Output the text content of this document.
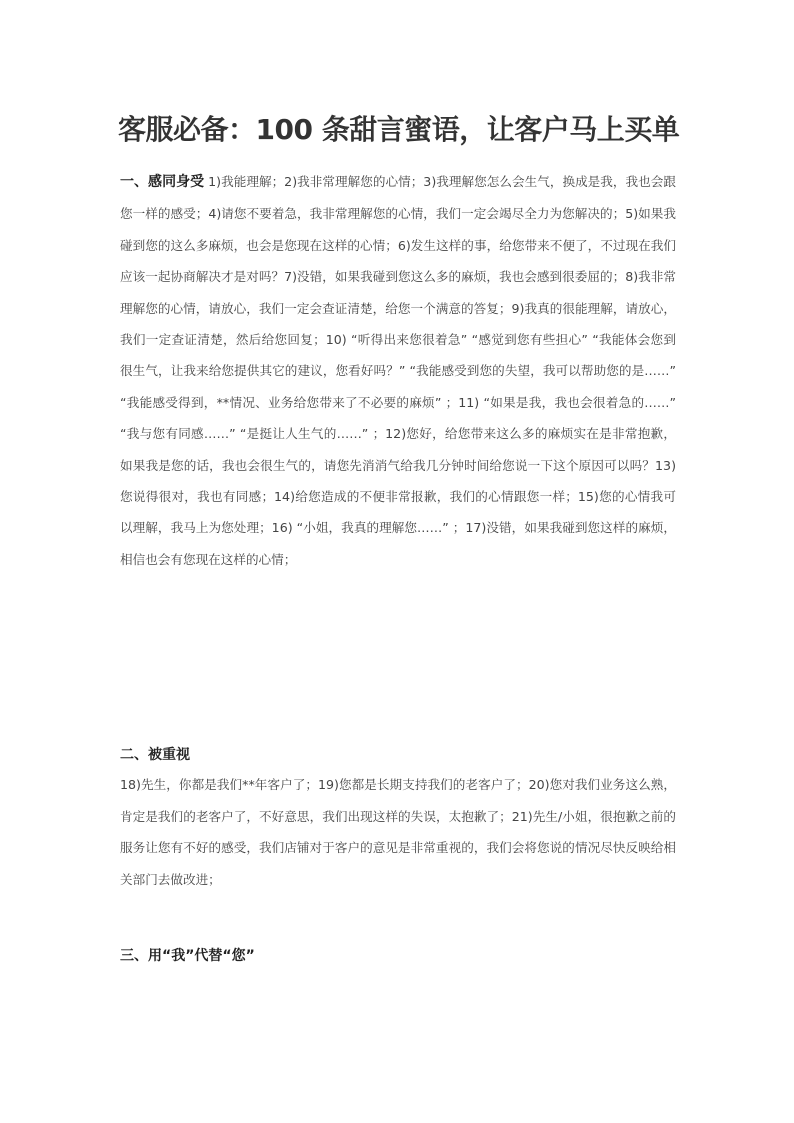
客服必备：100 条甜言蜜语，让客户马上买单

一、感同身受 1)我能理解；2)我非常理解您的心情；3)我理解您怎么会生气，换成是我，我也会跟您一样的感受；4)请您不要着急，我非常理解您的心情，我们一定会竭尽全力为您解决的；5)如果我碰到您的这么多麻烦，也会是您现在这样的心情；6)发生这样的事，给您带来不便了，不过现在我们应该一起协商解决才是对吗？7)没错，如果我碰到您这么多的麻烦，我也会感到很委屈的；8)我非常理解您的心情，请放心，我们一定会查证清楚，给您一个满意的答复；9)我真的很能理解，请放心，我们一定查证清楚，然后给您回复；10) “听得出来您很着急” “感觉到您有些担心” “我能体会您到很生气，让我来给您提供其它的建议，您看好吗？” “我能感受到您的失望，我可以帮助您的是……” “我能感受得到，**情况、业务给您带来了不必要的麻烦” ；11) “如果是我，我也会很着急的……” “我与您有同感……” “是挺让人生气的……” ；12)您好，给您带来这么多的麻烦实在是非常抱歉，如果我是您的话，我也会很生气的，请您先消消气给我几分钟时间给您说一下这个原因可以吗？13)您说得很对，我也有同感；14)给您造成的不便非常报歉，我们的心情跟您一样；15)您的心情我可以理解，我马上为您处理；16) “小姐，我真的理解您……” ；17)没错，如果我碰到您这样的麻烦，相信也会有您现在这样的心情；

二、被重视

18)先生，你都是我们**年客户了；19)您都是长期支持我们的老客户了；20)您对我们业务这么熟，肯定是我们的老客户了，不好意思，我们出现这样的失误，太抱歉了；21)先生/小姐，很抱歉之前的服务让您有不好的感受，我们店铺对于客户的意见是非常重视的，我们会将您说的情况尽快反映给相关部门去做改进；

三、用“我”代替“您”
